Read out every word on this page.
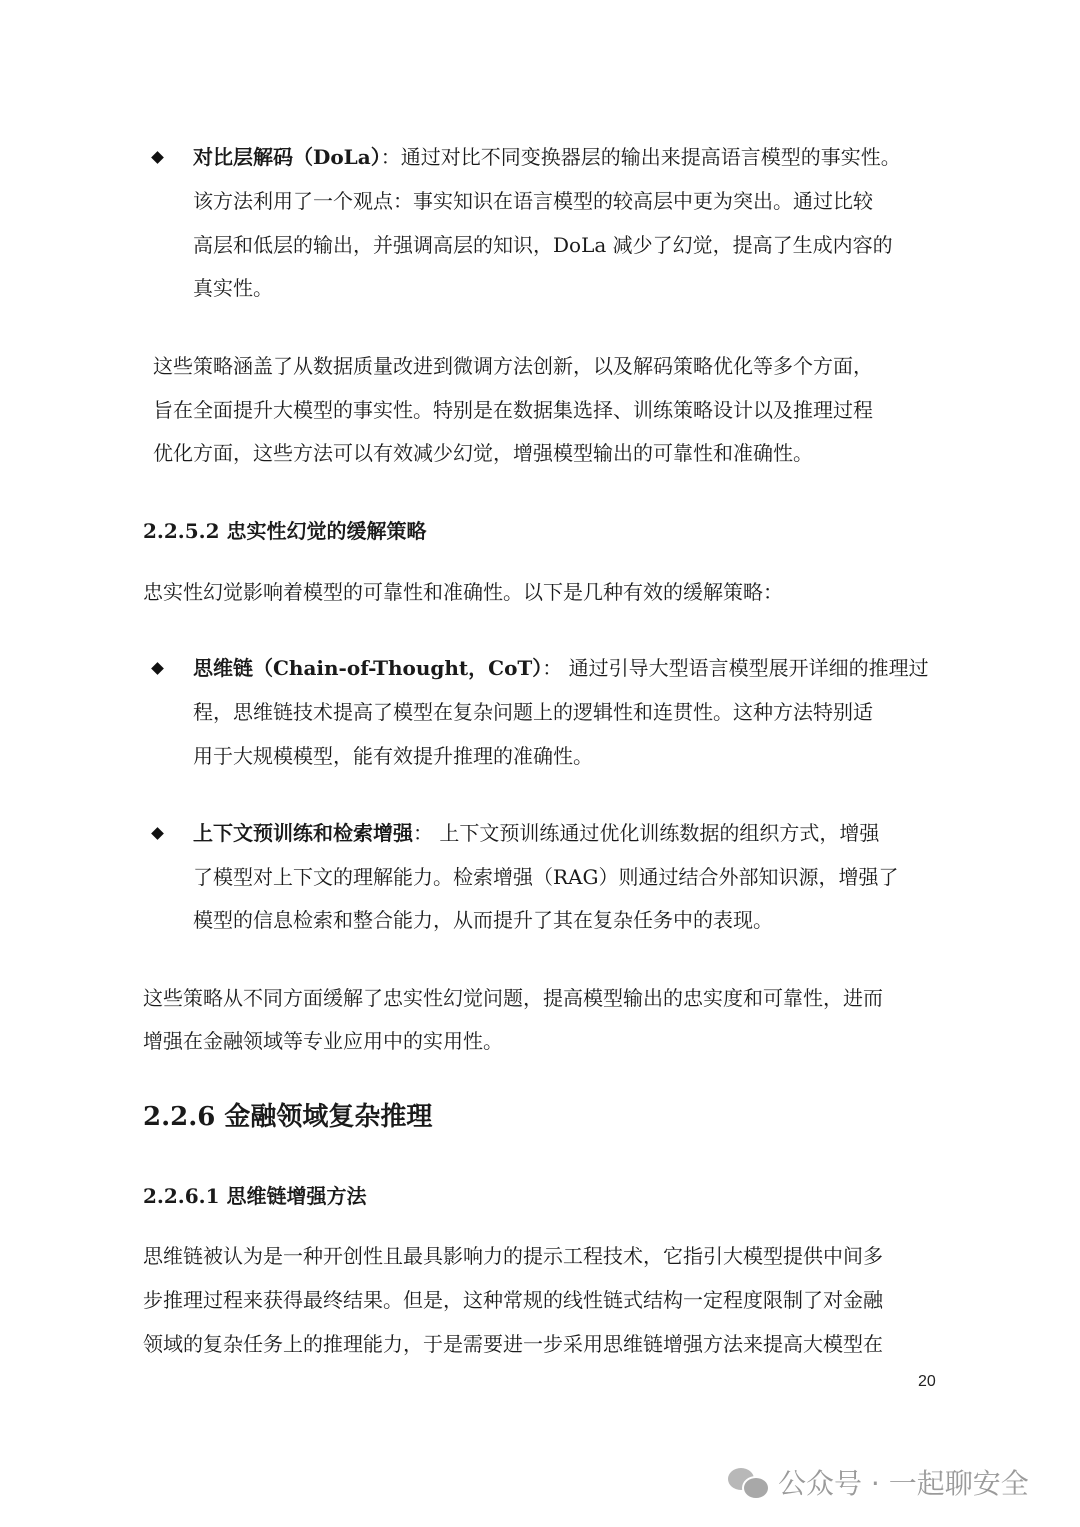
对比层解码（DoLa）：通过对比不同变换器层的输出来提高语言模型的事实性。
该方法利用了一个观点：事实知识在语言模型的较高层中更为突出。通过比较
高层和低层的输出，并强调高层的知识，DoLa 减少了幻觉，提高了生成内容的
真实性。
这些策略涵盖了从数据质量改进到微调方法创新，以及解码策略优化等多个方面，
旨在全面提升大模型的事实性。特别是在数据集选择、训练策略设计以及推理过程
优化方面，这些方法可以有效减少幻觉，增强模型输出的可靠性和准确性。
2.2.5.2 忠实性幻觉的缓解策略
忠实性幻觉影响着模型的可靠性和准确性。以下是几种有效的缓解策略：
思维链（Chain-of-Thought，CoT）： 通过引导大型语言模型展开详细的推理过
程，思维链技术提高了模型在复杂问题上的逻辑性和连贯性。这种方法特别适
用于大规模模型，能有效提升推理的准确性。
上下文预训练和检索增强： 上下文预训练通过优化训练数据的组织方式，增强
了模型对上下文的理解能力。检索增强（RAG）则通过结合外部知识源，增强了
模型的信息检索和整合能力，从而提升了其在复杂任务中的表现。
这些策略从不同方面缓解了忠实性幻觉问题，提高模型输出的忠实度和可靠性，进而
增强在金融领域等专业应用中的实用性。
2.2.6 金融领域复杂推理
2.2.6.1 思维链增强方法
思维链被认为是一种开创性且最具影响力的提示工程技术，它指引大模型提供中间多
步推理过程来获得最终结果。但是，这种常规的线性链式结构一定程度限制了对金融
领域的复杂任务上的推理能力，于是需要进一步采用思维链增强方法来提高大模型在
20
公众号 · 一起聊安全
